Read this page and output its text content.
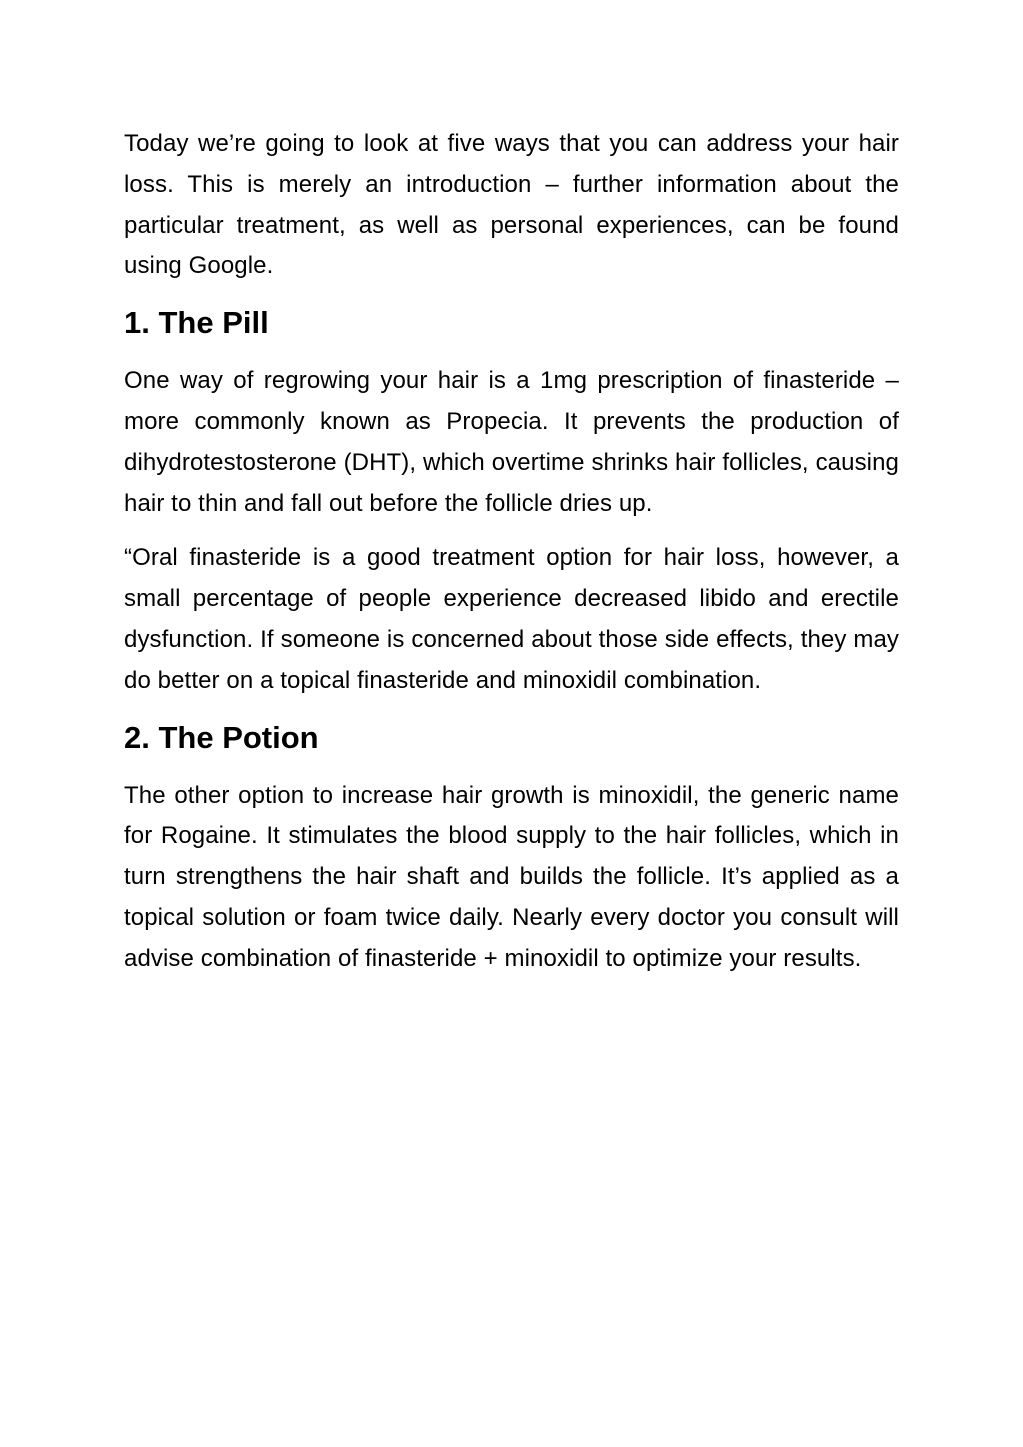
Today we’re going to look at five ways that you can address your hair loss. This is merely an introduction – further information about the particular treatment, as well as personal experiences, can be found using Google.

1. The Pill

One way of regrowing your hair is a 1mg prescription of finasteride – more commonly known as Propecia. It prevents the production of dihydrotestosterone (DHT), which overtime shrinks hair follicles, causing hair to thin and fall out before the follicle dries up.

“Oral finasteride is a good treatment option for hair loss, however, a small percentage of people experience decreased libido and erectile dysfunction. If someone is concerned about those side effects, they may do better on a topical finasteride and minoxidil combination.

2. The Potion

The other option to increase hair growth is minoxidil, the generic name for Rogaine. It stimulates the blood supply to the hair follicles, which in turn strengthens the hair shaft and builds the follicle. It’s applied as a topical solution or foam twice daily. Nearly every doctor you consult will advise combination of finasteride + minoxidil to optimize your results.
